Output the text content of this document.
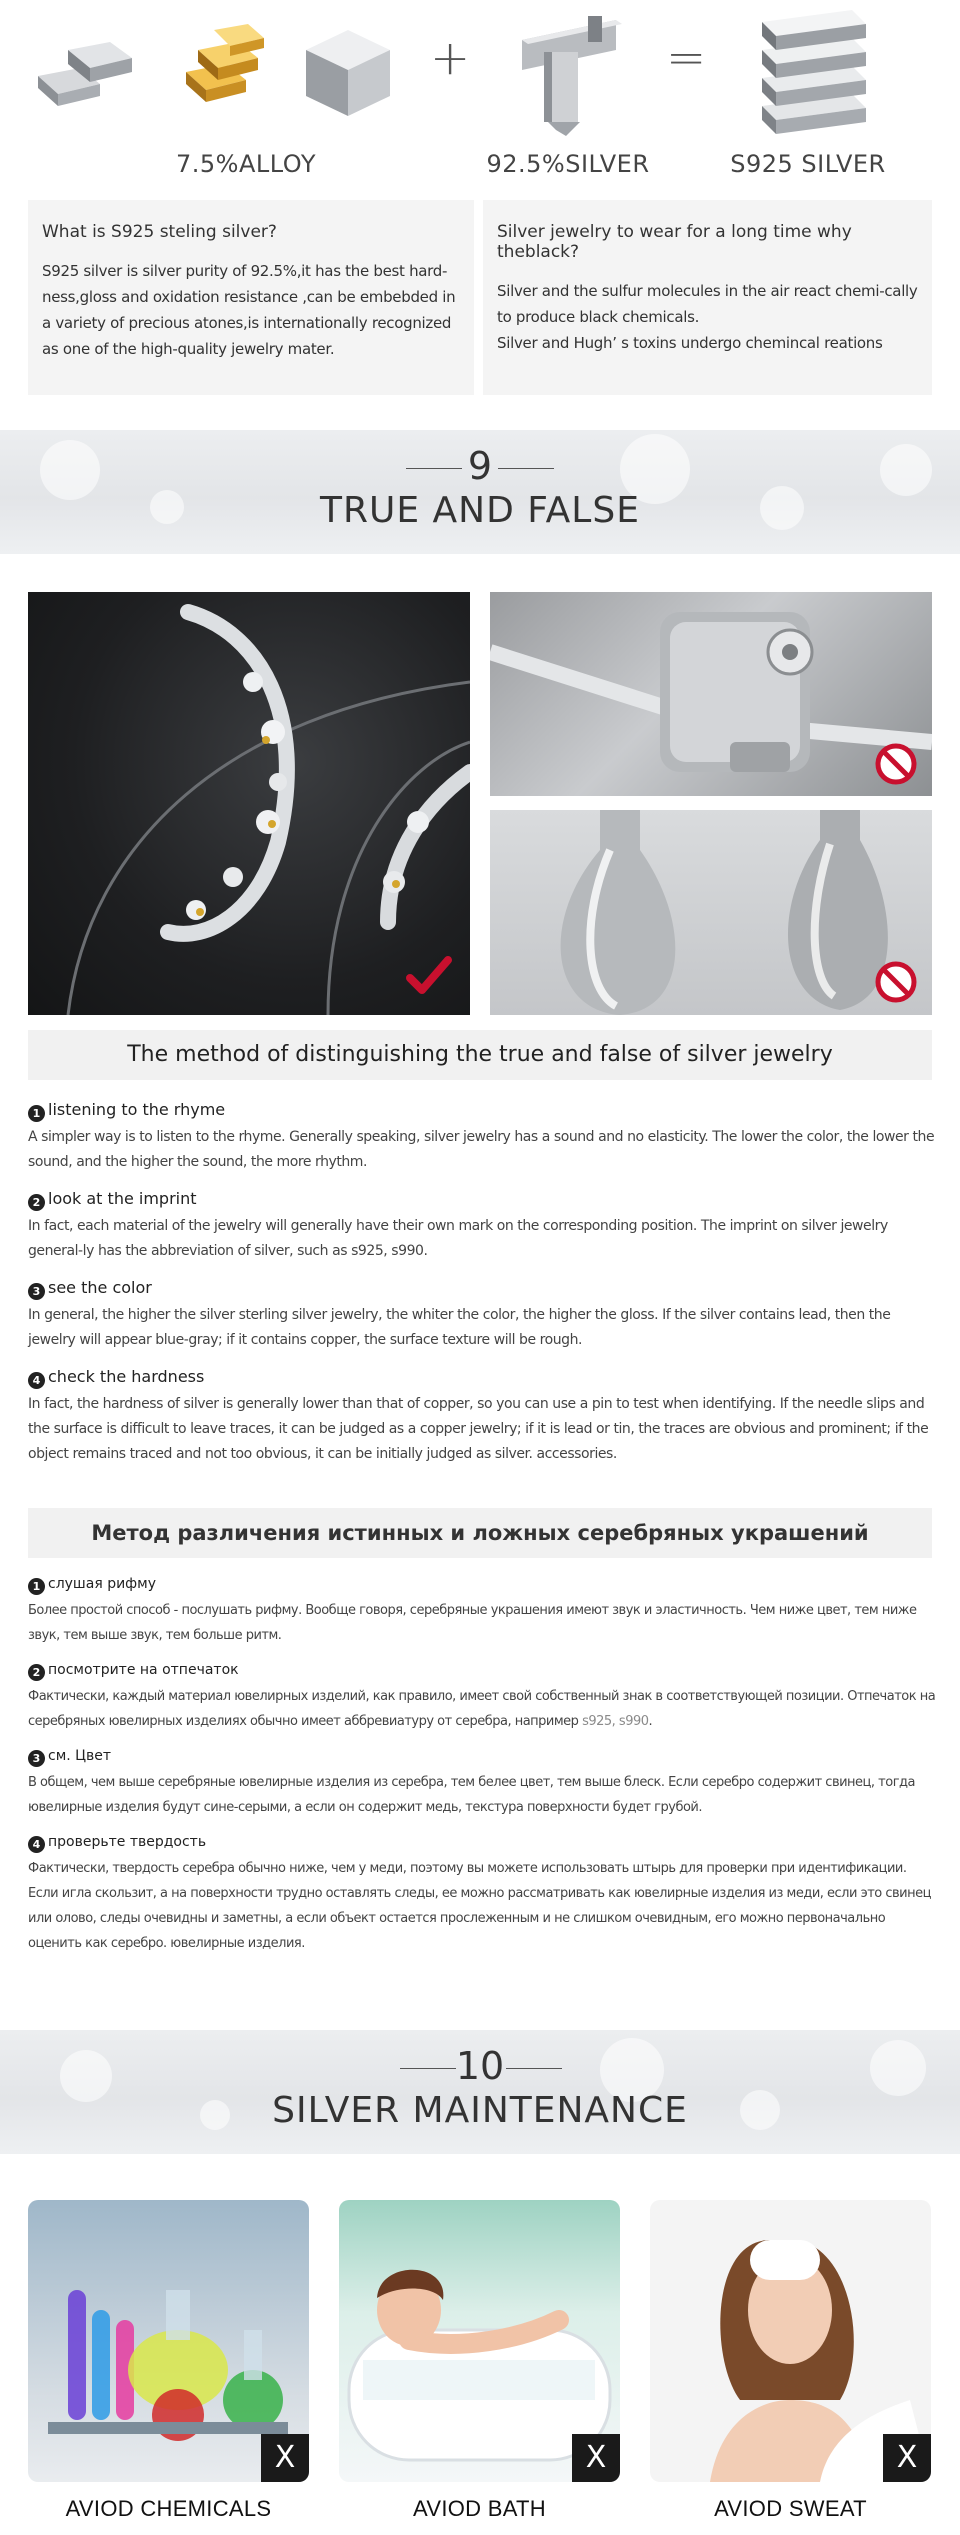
+	=
7.5%ALLOY	92.5%SILVER	S925 SILVER
What is S925 steling silver?

S925 silver is silver purity of 92.5%,it has the best hard-ness,gloss and oxidation resistance ,can be embebded in a variety of precious atones,is internationally recognized as one of the high-quality jewelry mater.

Silver jewelry to wear for a long time why theblack?

Silver and the sulfur molecules in the air react chemi-cally to produce black chemicals.

Silver and Hugh’ s toxins undergo chemincal reations

9
TRUE AND FALSE
The method of distinguishing the true and false of silver jewelry
1 listening to the rhyme
A simpler way is to listen to the rhyme. Generally speaking, silver jewelry has a sound and no elasticity. The lower the color, the lower the sound, and the higher the sound, the more rhythm.
2 look at the imprint
In fact, each material of the jewelry will generally have their own mark on the corresponding position. The imprint on silver jewelry general-ly has the abbreviation of silver, such as s925, s990.
3 see the color
In general, the higher the silver sterling silver jewelry, the whiter the color, the higher the gloss. If the silver contains lead, then the jewelry will appear blue-gray; if it contains copper, the surface texture will be rough.
4 check the hardness
In fact, the hardness of silver is generally lower than that of copper, so you can use a pin to test when identifying. If the needle slips and the surface is difficult to leave traces, it can be judged as a copper jewelry; if it is lead or tin, the traces are obvious and prominent; if the object remains traced and not too obvious, it can be initially judged as silver. accessories.
Метод различения истинных и ложных серебряных украшений
1 слушая рифму
Более простой способ - послушать рифму. Вообще говоря, серебряные украшения имеют звук и эластичность. Чем ниже цвет, тем ниже звук, тем выше звук, тем больше ритм.
2 посмотрите на отпечаток
Фактически, каждый материал ювелирных изделий, как правило, имеет свой собственный знак в соответствующей позиции. Отпечаток на серебряных ювелирных изделиях обычно имеет аббревиатуру от серебра, например s925, s990.
3 см. Цвет
В общем, чем выше серебряные ювелирные изделия из серебра, тем белее цвет, тем выше блеск. Если серебро содержит свинец, тогда ювелирные изделия будут сине-серыми, а если он содержит медь, текстура поверхности будет грубой.
4 проверьте твердость
Фактически, твердость серебра обычно ниже, чем у меди, поэтому вы можете использовать штырь для проверки при идентификации. Если игла скользит, а на поверхности трудно оставлять следы, ее можно рассматривать как ювелирные изделия из меди, если это свинец или олово, следы очевидны и заметны, а если объект остается прослеженным и не слишком очевидным, его можно первоначально оценить как серебро. ювелирные изделия.
10
SILVER MAINTENANCE
X	X	X
AVIOD CHEMICALS	AVIOD BATH	AVIOD SWEAT
